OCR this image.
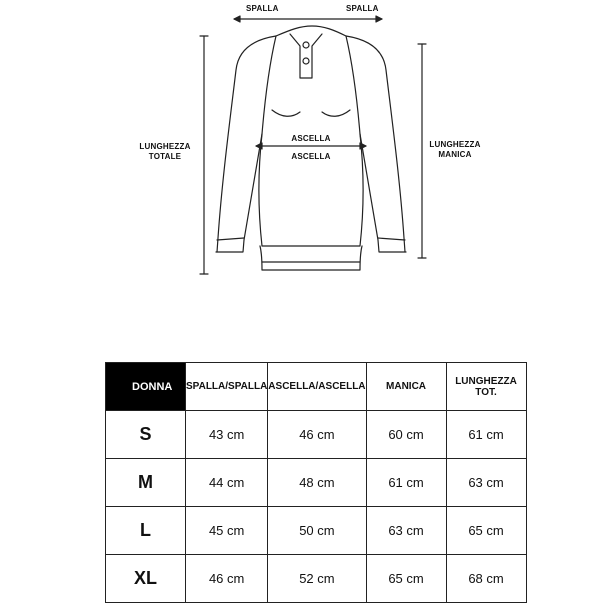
SPALLA	SPALLA
ASCELLA
ASCELLA
LUNGHEZZA
TOTALE
LUNGHEZZA
MANICA
DONNA	SPALLA/SPALLA	ASCELLA/ASCELLA	MANICA	LUNGHEZZA TOT.
S	43 cm	46 cm	60 cm	61 cm
M	44 cm	48 cm	61 cm	63 cm
L	45 cm	50 cm	63 cm	65 cm
XL	46 cm	52 cm	65 cm	68 cm
